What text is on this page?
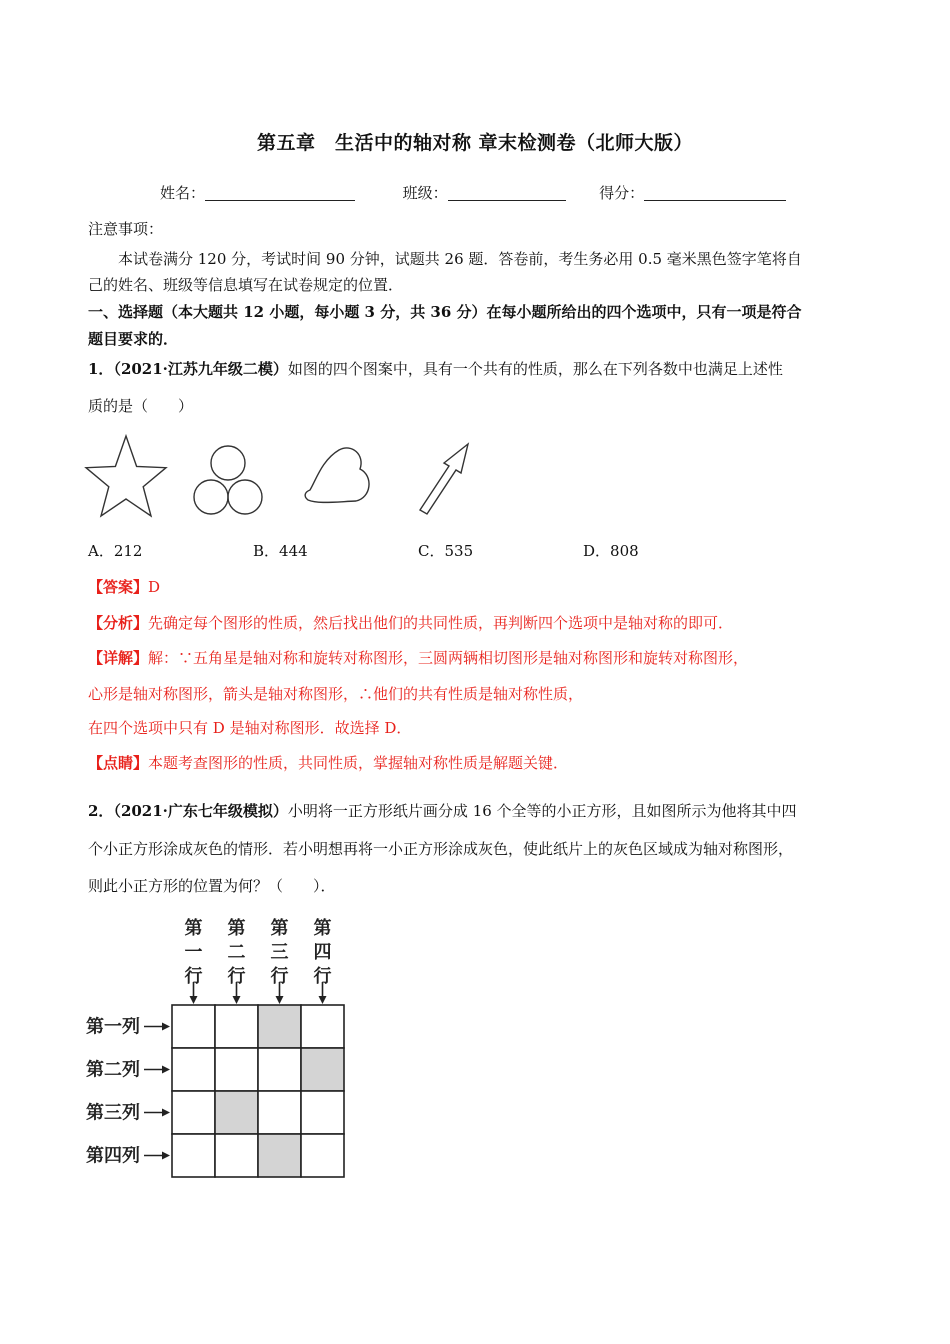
第五章　生活中的轴对称 章末检测卷（北师大版）
姓名：	班级：	得分：
注意事项：
本试卷满分 120 分，考试时间 90 分钟，试题共 26 题．答卷前，考生务必用 0.5 毫米黑色签字笔将自
己的姓名、班级等信息填写在试卷规定的位置．
一、选择题（本大题共 12 小题，每小题 3 分，共 36 分）在每小题所给出的四个选项中，只有一项是符合
题目要求的．
1．（2021·江苏九年级二模）如图的四个图案中，具有一个共有的性质，那么在下列各数中也满足上述性
质的是（　　）
A．212	B．444	C．535	D．808
【答案】D
【分析】先确定每个图形的性质，然后找出他们的共同性质，再判断四个选项中是轴对称的即可．
【详解】解：∵五角星是轴对称和旋转对称图形，三圆两辆相切图形是轴对称图形和旋转对称图形，
心形是轴对称图形，箭头是轴对称图形，∴他们的共有性质是轴对称性质，
在四个选项中只有 D 是轴对称图形．故选择 D．
【点睛】本题考查图形的性质，共同性质，掌握轴对称性质是解题关键．
2．（2021·广东七年级模拟）小明将一正方形纸片画分成 16 个全等的小正方形，且如图所示为他将其中四
个小正方形涂成灰色的情形．若小明想再将一小正方形涂成灰色，使此纸片上的灰色区域成为轴对称图形，
则此小正方形的位置为何？（　　）．
第
一
行
第
二
行
第
三
行
第
四
行
第一列
第二列
第三列
第四列
